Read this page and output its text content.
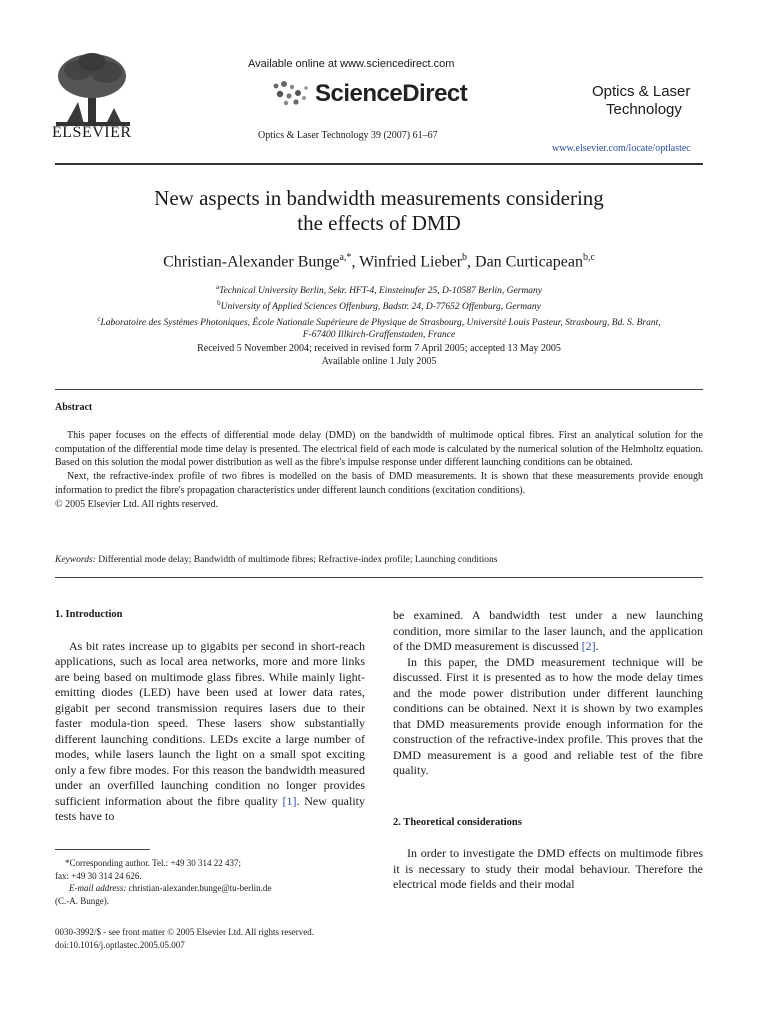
ELSEVIER
Available online at www.sciencedirect.com
ScienceDirect
Optics & Laser Technology 39 (2007) 61–67
Optics & Laser
Technology
www.elsevier.com/locate/optlastec
New aspects in bandwidth measurements considering
the effects of DMD
Christian-Alexander Bunge$^{a,*}$, Winfried Lieber$^b$, Dan Curticapean$^{b,c}$
$^a$Technical University Berlin, Sekr. HFT-4, Einsteinufer 25, D-10587 Berlin, Germany
$^b$University of Applied Sciences Offenburg, Badstr. 24, D-77652 Offenburg, Germany
$^c$Laboratoire des Systèmes Photoniques, École Nationale Supérieure de Physique de Strasbourg, Université Louis Pasteur, Strasbourg, Bd. S. Brant,
F-67400 Illkirch-Graffenstaden, France
Received 5 November 2004; received in revised form 7 April 2005; accepted 13 May 2005
Available online 1 July 2005
Abstract

This paper focuses on the effects of differential mode delay (DMD) on the bandwidth of multimode optical fibres. First an analytical solution for the computation of the differential mode time delay is presented. The electrical field of each mode is calculated by the numerical solution of the Helmholtz equation. Based on this solution the modal power distribution as well as the fibre's impulse response under different launching conditions can be obtained.

Next, the refractive-index profile of two fibres is modelled on the basis of DMD measurements. It is shown that these measurements provide enough information to predict the fibre's propagation characteristics under different launch conditions (excitation conditions).

© 2005 Elsevier Ltd. All rights reserved.

Keywords: Differential mode delay; Bandwidth of multimode fibres; Refractive-index profile; Launching conditions
1. Introduction

As bit rates increase up to gigabits per second in short-reach applications, such as local area networks, more and more links are being based on multimode glass fibres. While mainly light-emitting diodes (LED) have been used at lower data rates, gigabit per second transmission requires lasers due to their faster modula-tion speed. These lasers show substantially different launching conditions. LEDs excite a large number of modes, while lasers launch the light on a small spot exciting only a few fibre modes. For this reason the bandwidth measured under an overfilled launching condition no longer provides sufficient information about the fibre quality [1]. New quality tests have to

*Corresponding author. Tel.: +49 30 314 22 437;
fax: +49 30 314 24 626.
E-mail address: christian-alexander.bunge@tu-berlin.de
(C.-A. Bunge).
0030-3992/$ - see front matter © 2005 Elsevier Ltd. All rights reserved.
doi:10.1016/j.optlastec.2005.05.007

be examined. A bandwidth test under a new launching condition, more similar to the laser launch, and the application of the DMD measurement is discussed [2].

In this paper, the DMD measurement technique will be discussed. First it is presented as to how the mode delay times and the mode power distribution under different launching conditions can be obtained. Next it is shown by two examples that DMD measurements provide enough information for the construction of the refractive-index profile. This proves that the DMD measurement is a good and reliable test of the fibre quality.

2. Theoretical considerations

In order to investigate the DMD effects on multimode fibres it is necessary to study their modal behaviour. Therefore the electrical mode fields and their modal
